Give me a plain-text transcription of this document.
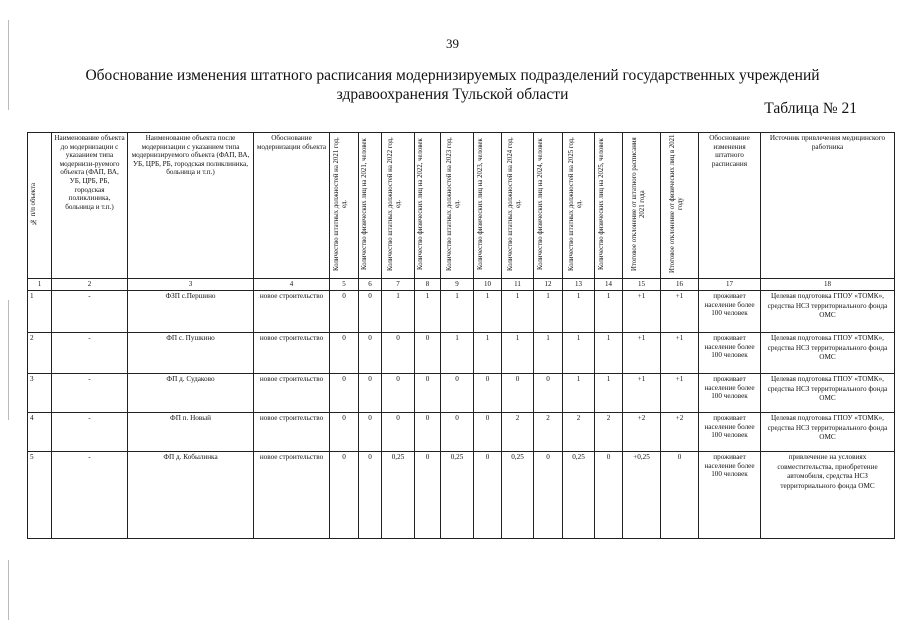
39
Обоснование изменения штатного расписания модернизируемых подразделений государственных учреждений
здравоохранения Тульской области
Таблица № 21
№ п/п объекта	Наименование объекта до модернизации с указанием типа модернизи-руемого объекта (ФАП, ВА, УБ, ЦРБ, РБ, городская поликлиника, больница и т.п.)	Наименование объекта после модернизации с указанием типа модернизируемого объекта (ФАП, ВА, УБ, ЦРБ, РБ, городская поликлиника, больница и т.п.)	Обоснование модернизации объекта	Количество штатных должностей на 2021 год, ед.	Количество физических лиц на 2021, человек	Количество штатных должностей на 2022 год, ед.	Количество физических лиц на 2022, человек	Количество штатных должностей на 2023 год, ед.	Количество физических лиц на 2023, человек	Количество штатных должностей на 2024 год, ед.	Количество физических лиц на 2024, человек	Количество штатных должностей на 2025 год, ед.	Количество физических лиц на 2025, человек	Итоговое отклонение от штатного расписания 2021 года	Итоговое отклонение от физических лиц в 2021 году	Обоснование изменения штатного расписания	Источник привлечения медицинского работника

1	2	3	4	5	6	7	8	9	10	11	12	13	14	15	16	17	18
1	-	ФЗП с.Першино	новое строительство	0	0	1	1	1	1	1	1	1	1	+1	+1	проживает население более 100 человек	Целевая подготовка ГПОУ «ТОМК», средства НСЗ территориального фонда ОМС
2	-	ФП с. Пушкино	новое строительство	0	0	0	0	1	1	1	1	1	1	+1	+1	проживает население более 100 человек	Целевая подготовка ГПОУ «ТОМК», средства НСЗ территориального фонда ОМС
3	-	ФП д. Судаково	новое строительство	0	0	0	0	0	0	0	0	1	1	+1	+1	проживает население более 100 человек	Целевая подготовка ГПОУ «ТОМК», средства НСЗ территориального фонда ОМС
4	-	ФП п. Новый	новое строительство	0	0	0	0	0	0	2	2	2	2	+2	+2	проживает население более 100 человек	Целевая подготовка ГПОУ «ТОМК», средства НСЗ территориального фонда ОМС
5	-	ФП д. Кобылинка	новое строительство	0	0	0,25	0	0,25	0	0,25	0	0,25	0	+0,25	0	проживает население более 100 человек	привлечение на условиях совместительства, приобретение автомобиля, средства НСЗ территориального фонда ОМС
